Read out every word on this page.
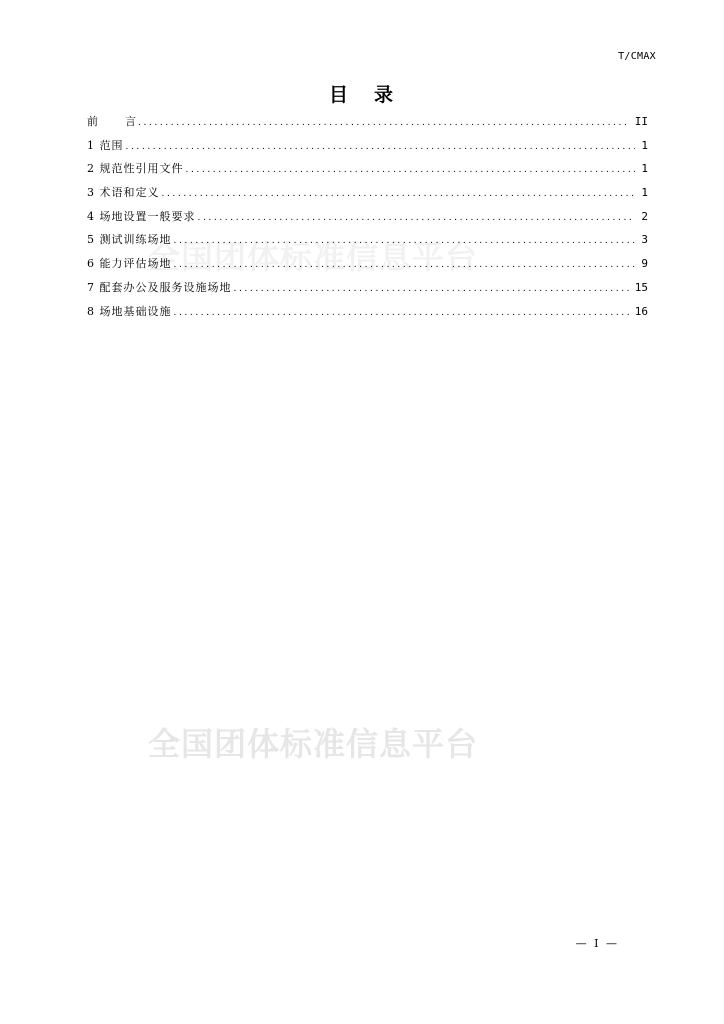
T/CMAX
目 录
全国团体标准信息平台
全国团体标准信息平台
前 言 .....	II
1 范围 .....	1
2 规范性引用文件 .....	1
3 术语和定义 .....	1
4 场地设置一般要求 .....	2
5 测试训练场地 .....	3
6 能力评估场地 .....	9
7 配套办公及服务设施场地 .....	15
8 场地基础设施 .....	16
— I —
